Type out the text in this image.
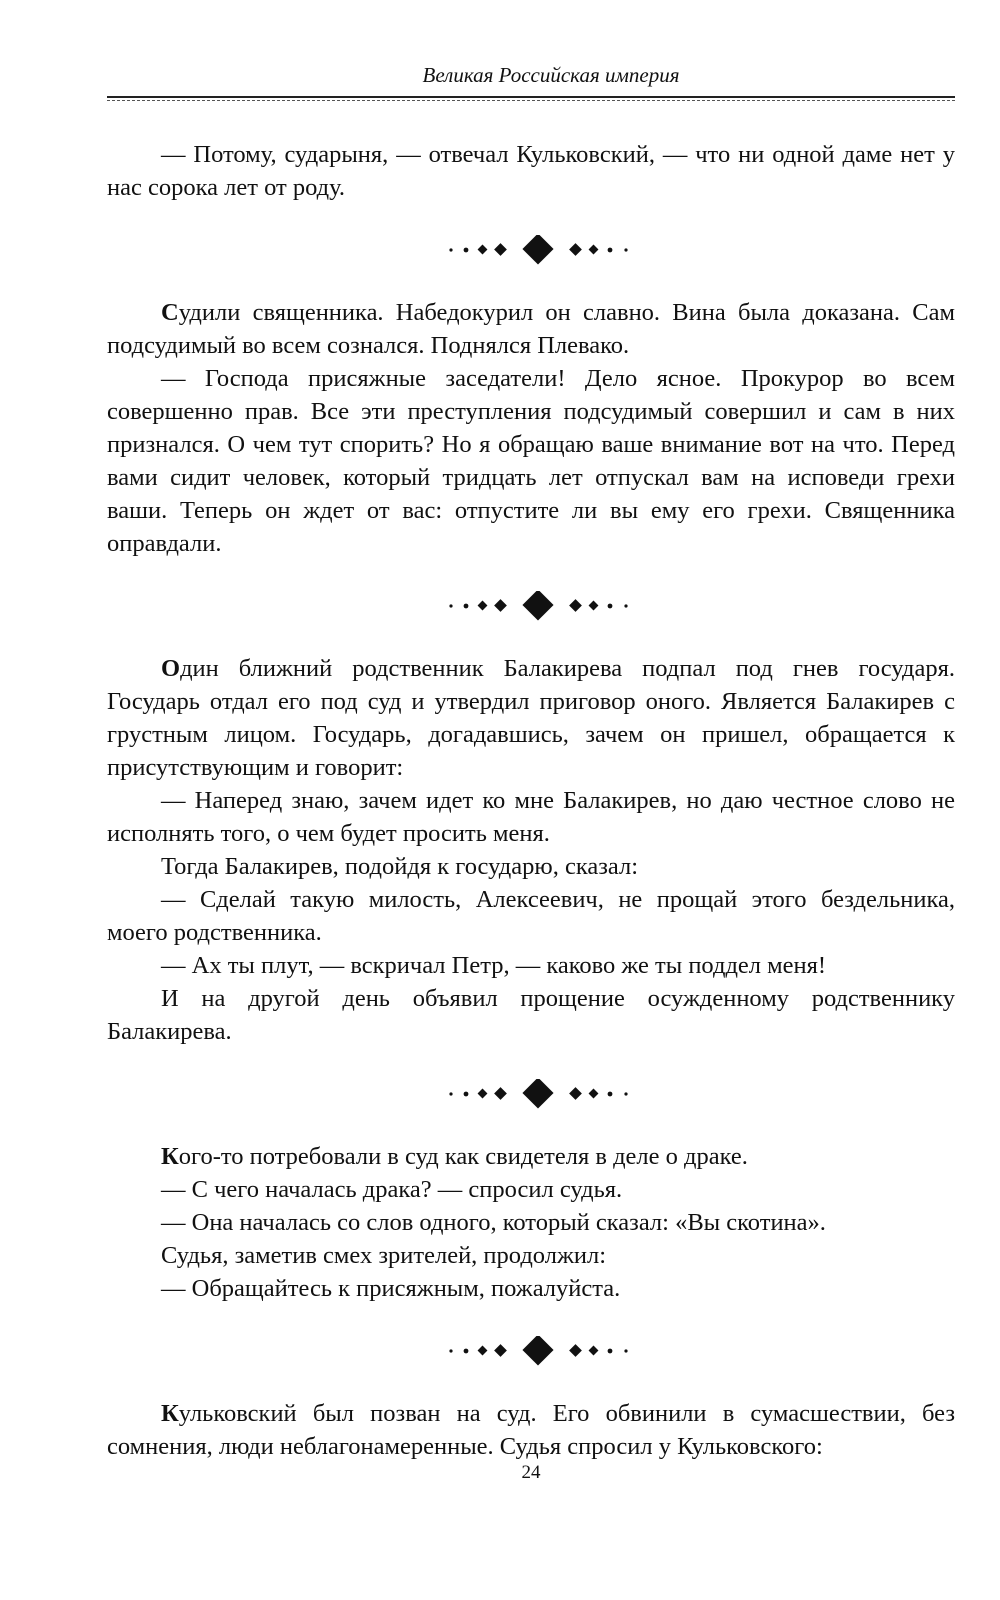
Великая Российская империя

— Потому, сударыня, — отвечал Кульковский, — что ни одной даме нет у нас сорока лет от роду.

Судили священника. Набедокурил он славно. Вина была доказана. Сам подсудимый во всем сознался. Поднялся Плевако.

— Господа присяжные заседатели! Дело ясное. Прокурор во всем совершенно прав. Все эти преступления подсудимый совершил и сам в них признался. О чем тут спорить? Но я обращаю ваше внимание вот на что. Перед вами сидит человек, который тридцать лет отпускал вам на исповеди грехи ваши. Теперь он ждет от вас: отпустите ли вы ему его грехи. Священника оправдали.

Один ближний родственник Балакирева подпал под гнев государя. Государь отдал его под суд и утвердил приговор оного. Является Балакирев с грустным лицом. Государь, догадавшись, зачем он пришел, обращается к присутствующим и говорит:

— Наперед знаю, зачем идет ко мне Балакирев, но даю честное слово не исполнять того, о чем будет просить меня.

Тогда Балакирев, подойдя к государю, сказал:

— Сделай такую милость, Алексеевич, не прощай этого бездельника, моего родственника.

— Ах ты плут, — вскричал Петр, — каково же ты поддел меня!

И на другой день объявил прощение осужденному родственнику Балакирева.

Кого-то потребовали в суд как свидетеля в деле о драке.

— С чего началась драка? — спросил судья.

— Она началась со слов одного, который сказал: «Вы скотина».

Судья, заметив смех зрителей, продолжил:

— Обращайтесь к присяжным, пожалуйста.

Кульковский был позван на суд. Его обвинили в сумасшествии, без сомнения, люди неблагонамеренные. Судья спросил у Кульковского:

24
